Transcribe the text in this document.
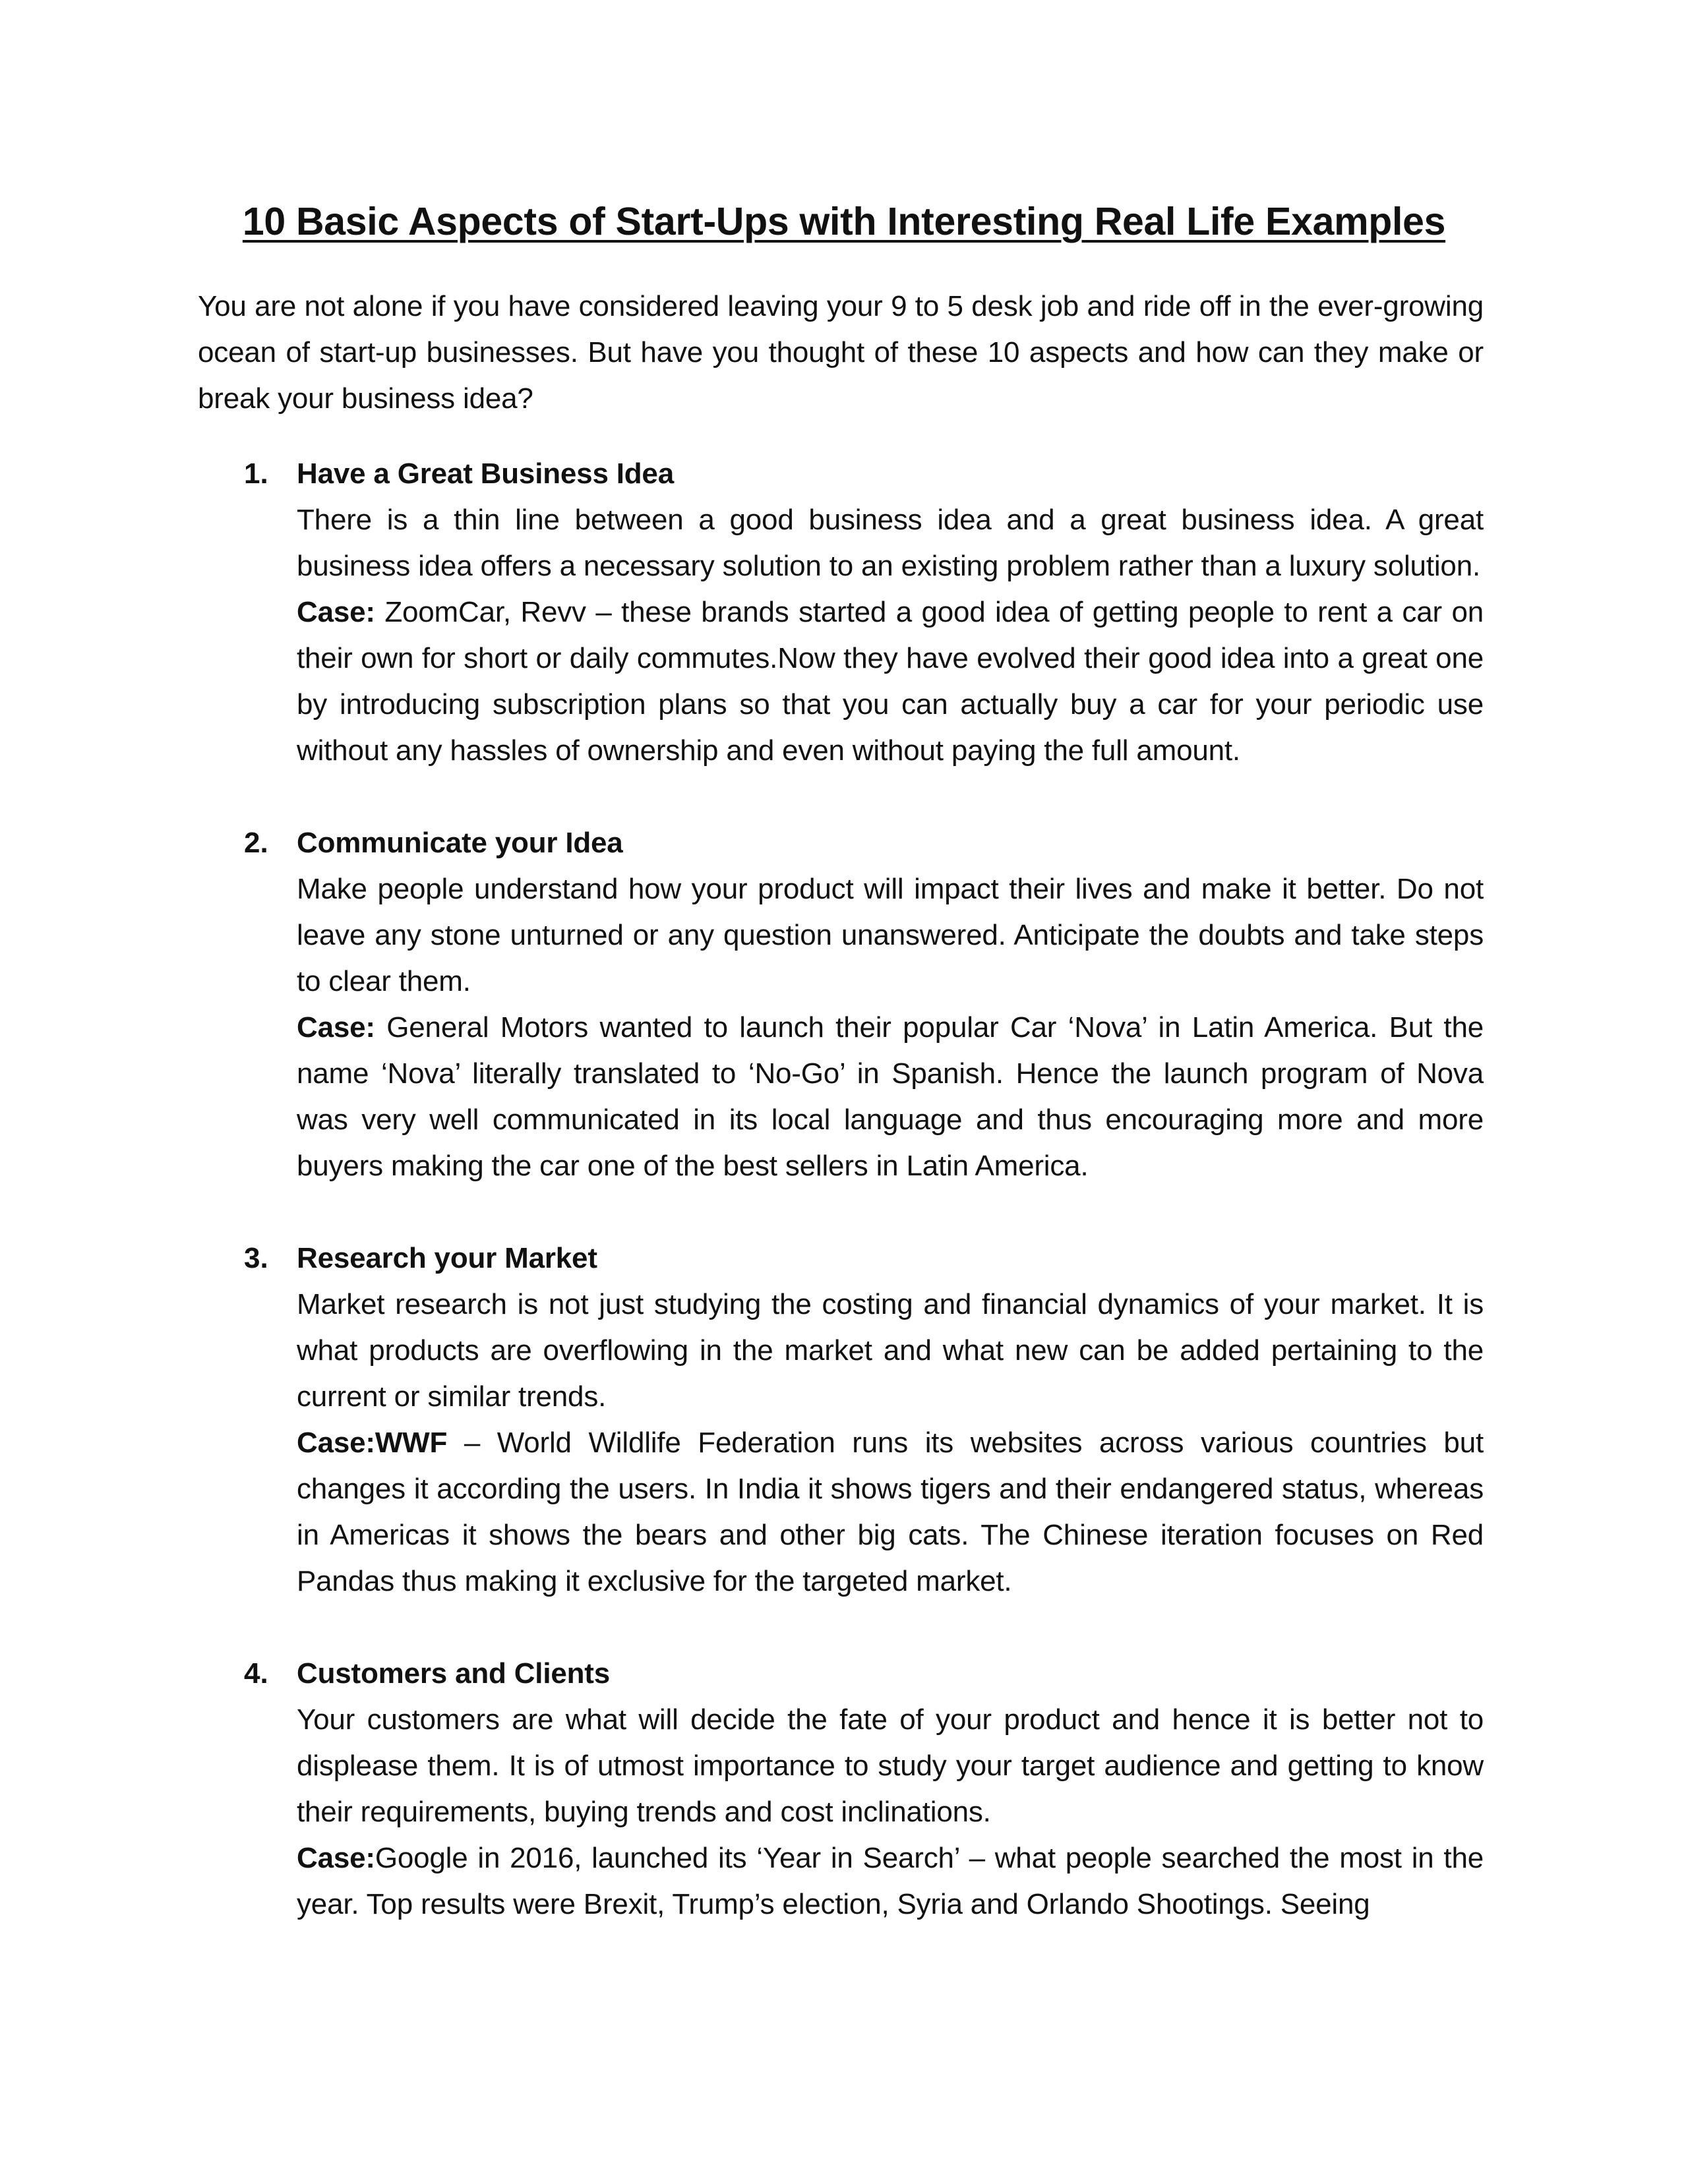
10 Basic Aspects of Start-Ups with Interesting Real Life Examples

You are not alone if you have considered leaving your 9 to 5 desk job and ride off in the ever-growing ocean of start-up businesses. But have you thought of these 10 aspects and how can they make or break your business idea?

1. Have a Great Business Idea

There is a thin line between a good business idea and a great business idea. A great business idea offers a necessary solution to an existing problem rather than a luxury solution.

Case: ZoomCar, Revv – these brands started a good idea of getting people to rent a car on their own for short or daily commutes.Now they have evolved their good idea into a great one by introducing subscription plans so that you can actually buy a car for your periodic use without any hassles of ownership and even without paying the full amount.

2. Communicate your Idea

Make people understand how your product will impact their lives and make it better. Do not leave any stone unturned or any question unanswered. Anticipate the doubts and take steps to clear them.

Case: General Motors wanted to launch their popular Car ‘Nova’ in Latin America. But the name ‘Nova’ literally translated to ‘No-Go’ in Spanish. Hence the launch program of Nova was very well communicated in its local language and thus encouraging more and more buyers making the car one of the best sellers in Latin America.

3. Research your Market

Market research is not just studying the costing and financial dynamics of your market. It is what products are overflowing in the market and what new can be added pertaining to the current or similar trends.

Case:WWF – World Wildlife Federation runs its websites across various countries but changes it according the users. In India it shows tigers and their endangered status, whereas in Americas it shows the bears and other big cats. The Chinese iteration focuses on Red Pandas thus making it exclusive for the targeted market.

4. Customers and Clients

Your customers are what will decide the fate of your product and hence it is better not to displease them. It is of utmost importance to study your target audience and getting to know their requirements, buying trends and cost inclinations.

Case:Google in 2016, launched its ‘Year in Search’ – what people searched the most in the year. Top results were Brexit, Trump’s election, Syria and Orlando Shootings. Seeing
